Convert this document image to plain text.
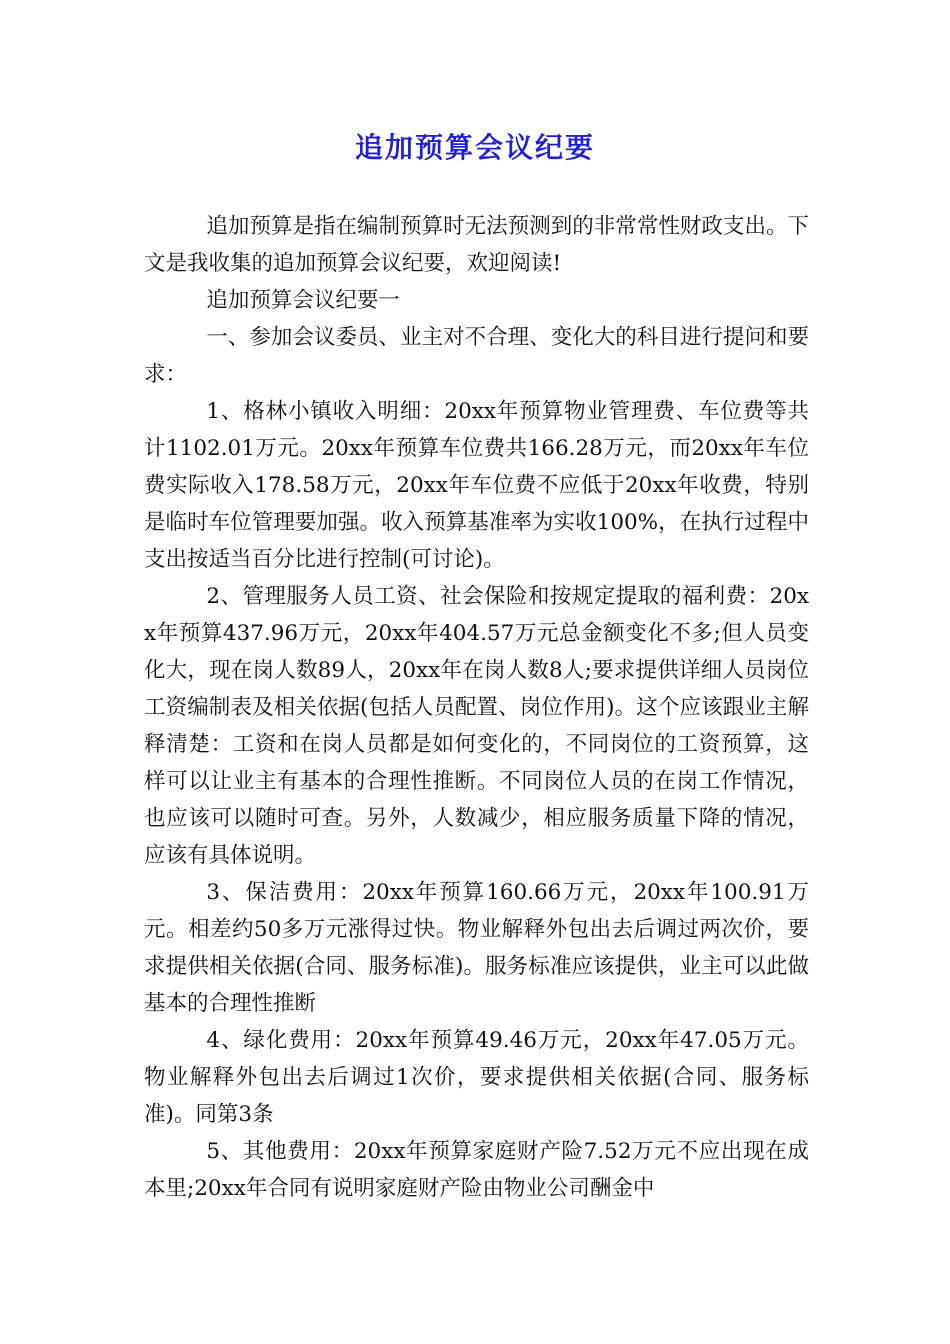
追加预算会议纪要

追加预算是指在编制预算时无法预测到的非常常性财政支出。下文是我收集的追加预算会议纪要，欢迎阅读!

追加预算会议纪要一

一、参加会议委员、业主对不合理、变化大的科目进行提问和要求：

1、格林小镇收入明细：20xx年预算物业管理费、车位费等共计1102.01万元。20xx年预算车位费共166.28万元，而20xx年车位费实际收入178.58万元，20xx年车位费不应低于20xx年收费，特别是临时车位管理要加强。收入预算基准率为实收100%，在执行过程中支出按适当百分比进行控制(可讨论)。

2、管理服务人员工资、社会保险和按规定提取的福利费：20xx年预算437.96万元，20xx年404.57万元总金额变化不多;但人员变化大，现在岗人数89人，20xx年在岗人数8人;要求提供详细人员岗位工资编制表及相关依据(包括人员配置、岗位作用)。这个应该跟业主解释清楚：工资和在岗人员都是如何变化的，不同岗位的工资预算，这样可以让业主有基本的合理性推断。不同岗位人员的在岗工作情况，也应该可以随时可查。另外，人数减少，相应服务质量下降的情况，应该有具体说明。

3、保洁费用：20xx年预算160.66万元，20xx年100.91万元。相差约50多万元涨得过快。物业解释外包出去后调过两次价，要求提供相关依据(合同、服务标准)。服务标准应该提供，业主可以此做基本的合理性推断

4、绿化费用：20xx年预算49.46万元，20xx年47.05万元。物业解释外包出去后调过1次价，要求提供相关依据(合同、服务标准)。同第3条

5、其他费用：20xx年预算家庭财产险7.52万元不应出现在成本里;20xx年合同有说明家庭财产险由物业公司酬金中
